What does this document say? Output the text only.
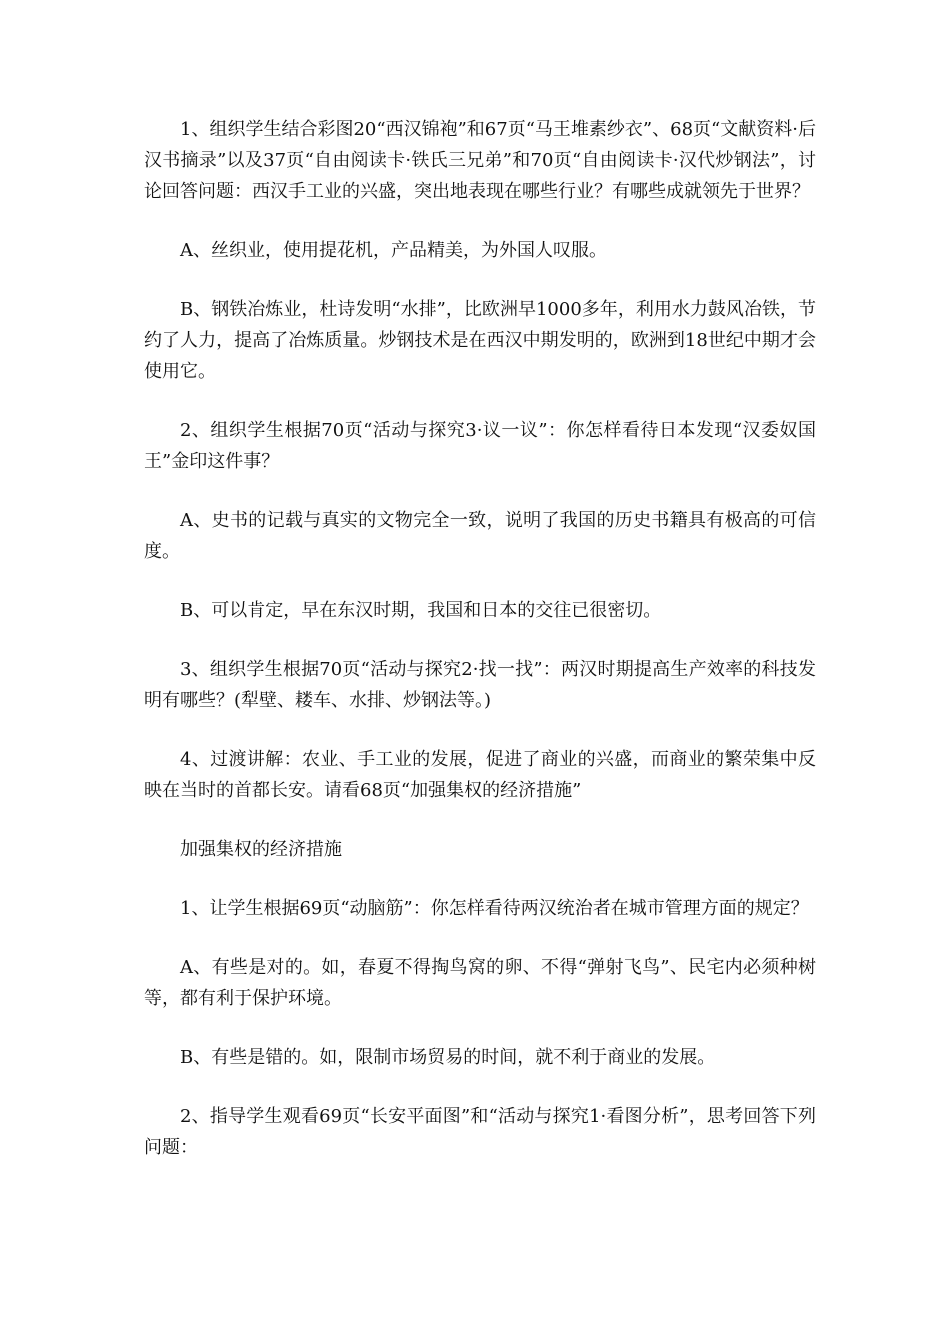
1、组织学生结合彩图20“西汉锦袍”和67页“马王堆素纱衣”、68页“文献资料·后汉书摘录”以及37页“自由阅读卡·铁氏三兄弟”和70页“自由阅读卡·汉代炒钢法”，讨论回答问题：西汉手工业的兴盛，突出地表现在哪些行业？有哪些成就领先于世界？

A、丝织业，使用提花机，产品精美，为外国人叹服。

B、钢铁冶炼业，杜诗发明“水排”，比欧洲早1000多年，利用水力鼓风冶铁，节约了人力，提高了冶炼质量。炒钢技术是在西汉中期发明的，欧洲到18世纪中期才会使用它。

2、组织学生根据70页“活动与探究3·议一议”：你怎样看待日本发现“汉委奴国王”金印这件事？

A、史书的记载与真实的文物完全一致，说明了我国的历史书籍具有极高的可信度。

B、可以肯定，早在东汉时期，我国和日本的交往已很密切。

3、组织学生根据70页“活动与探究2·找一找”：两汉时期提高生产效率的科技发明有哪些？(犁壁、耧车、水排、炒钢法等。)

4、过渡讲解：农业、手工业的发展，促进了商业的兴盛，而商业的繁荣集中反映在当时的首都长安。请看68页“加强集权的经济措施”

加强集权的经济措施

1、让学生根据69页“动脑筋”：你怎样看待两汉统治者在城市管理方面的规定？

A、有些是对的。如，春夏不得掏鸟窝的卵、不得“弹射飞鸟”、民宅内必须种树等，都有利于保护环境。

B、有些是错的。如，限制市场贸易的时间，就不利于商业的发展。

2、指导学生观看69页“长安平面图”和“活动与探究1·看图分析”，思考回答下列问题：
